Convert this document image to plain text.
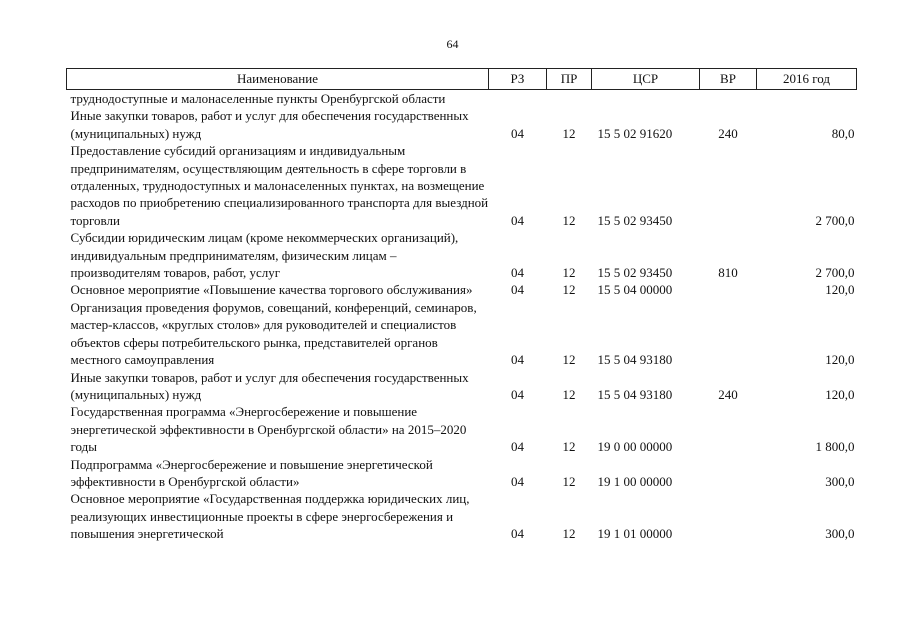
64
Наименование	РЗ	ПР	ЦСР	ВР	2016 год
труднодоступные и малонаселенные пункты Оренбургской области					
Иные закупки товаров, работ и услуг для обеспечения государственных (муниципальных) нужд	04	12	15 5 02 91620	240	80,0
Предоставление субсидий организациям и индивидуальным предпринимателям, осуществляющим деятельность в сфере торговли в отдаленных, труднодоступных и малонаселенных пунктах, на возмещение расходов по приобретению специализированного транспорта для выездной торговли	04	12	15 5 02 93450		2 700,0
Субсидии юридическим лицам (кроме некоммерческих организаций), индивидуальным предпринимателям, физическим лицам – производителям товаров, работ, услуг	04	12	15 5 02 93450	810	2 700,0
Основное мероприятие «Повышение качества торгового обслуживания»	04	12	15 5 04 00000		120,0
Организация проведения форумов, совещаний, конференций, семинаров, мастер-классов, «круглых столов» для руководителей и специалистов объектов сферы потребительского рынка, представителей органов местного самоуправления	04	12	15 5 04 93180		120,0
Иные закупки товаров, работ и услуг для обеспечения государственных (муниципальных) нужд	04	12	15 5 04 93180	240	120,0
Государственная программа «Энергосбережение и повышение энергетической эффективности в Оренбургской области» на 2015–2020 годы	04	12	19 0 00 00000		1 800,0
Подпрограмма «Энергосбережение и повышение энергетической эффективности в Оренбургской области»	04	12	19 1 00 00000		300,0
Основное мероприятие «Государственная поддержка юридических лиц, реализующих инвестиционные проекты в сфере энергосбережения и повышения энергетической	04	12	19 1 01 00000		300,0
